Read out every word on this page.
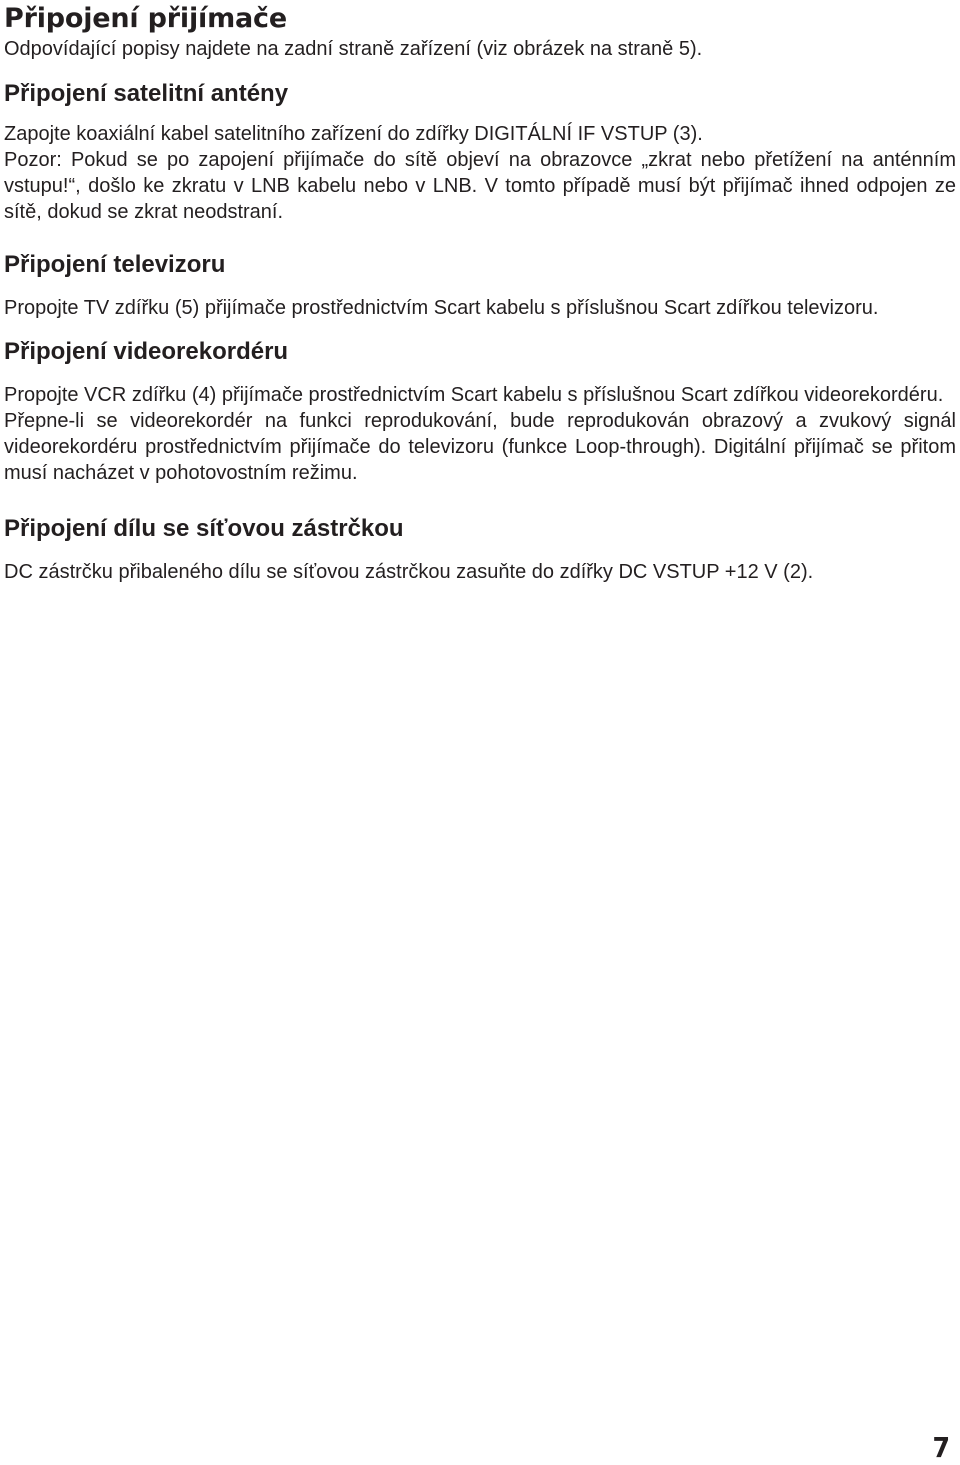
Připojení přijímače

Odpovídající popisy najdete na zadní straně zařízení (viz obrázek na straně 5).

Připojení satelitní antény

Zapojte koaxiální kabel satelitního zařízení do zdířky DIGITÁLNÍ IF VSTUP (3).

Pozor: Pokud se po zapojení přijímače do sítě objeví na obrazovce „zkrat nebo přetížení na anténním vstupu!“, došlo ke zkratu v LNB kabelu nebo v LNB. V tomto případě musí být přijímač ihned odpojen ze sítě, dokud se zkrat neodstraní.

Připojení televizoru

Propojte TV zdířku (5) přijímače prostřednictvím Scart kabelu s příslušnou Scart zdířkou televizoru.

Připojení videorekordéru

Propojte VCR zdířku (4) přijímače prostřednictvím Scart kabelu s příslušnou Scart zdířkou videorekordéru.

Přepne-li se videorekordér na funkci reprodukování, bude reprodukován obrazový a zvukový signál videorekordéru prostřednictvím přijímače do televizoru (funkce Loop-through). Digitální přijímač se přitom musí nacházet v pohotovostním režimu.

Připojení dílu se síťovou zástrčkou

DC zástrčku přibaleného dílu se síťovou zástrčkou zasuňte do zdířky DC VSTUP +12 V (2).

7
